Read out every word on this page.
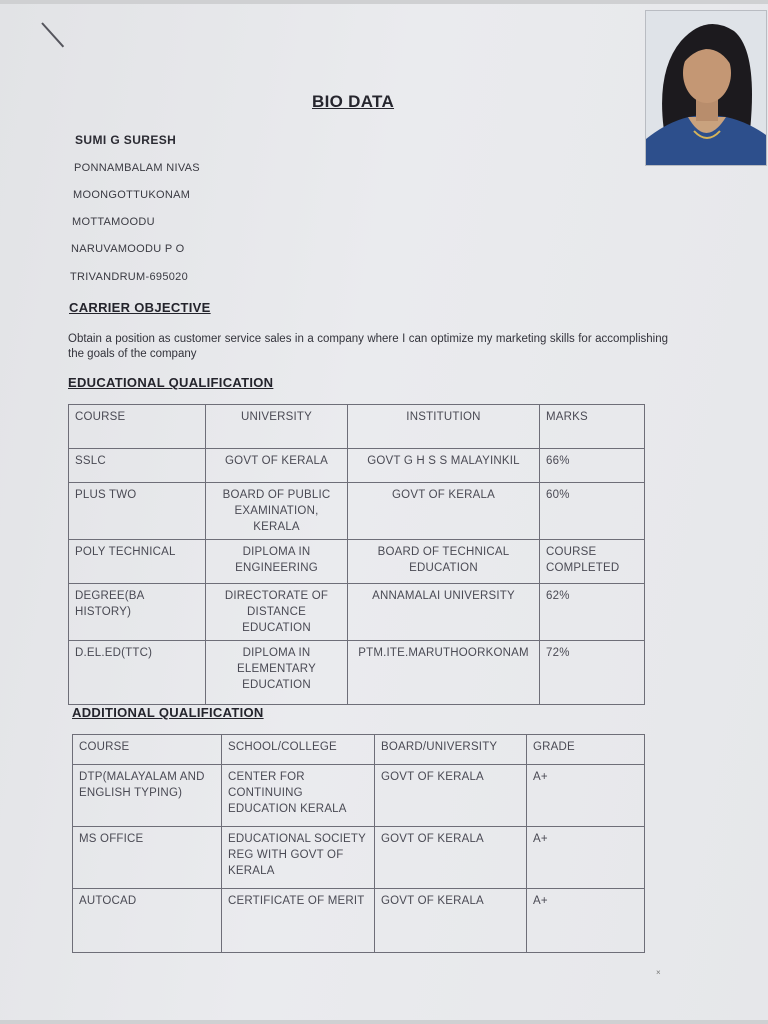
BIO DATA
SUMI G SURESH
PONNAMBALAM NIVAS
MOONGOTTUKONAM
MOTTAMOODU
NARUVAMOODU P O
TRIVANDRUM-695020
CARRIER OBJECTIVE
Obtain a position as customer service sales in a company where I can optimize my marketing skills for accomplishing the goals of the company
EDUCATIONAL QUALIFICATION
COURSE	UNIVERSITY	INSTITUTION	MARKS
SSLC	GOVT OF KERALA	GOVT G H S S MALAYINKIL	66%
PLUS TWO	BOARD OF PUBLIC EXAMINATION, KERALA	GOVT OF KERALA	60%
POLY TECHNICAL	DIPLOMA IN ENGINEERING	BOARD OF TECHNICAL EDUCATION	COURSE COMPLETED
DEGREE(BA HISTORY)	DIRECTORATE OF DISTANCE EDUCATION	ANNAMALAI UNIVERSITY	62%
D.EL.ED(TTC)	DIPLOMA IN ELEMENTARY EDUCATION	PTM.ITE.MARUTHOORKONAM	72%
ADDITIONAL QUALIFICATION
COURSE	SCHOOL/COLLEGE	BOARD/UNIVERSITY	GRADE
DTP(MALAYALAM AND ENGLISH TYPING)	CENTER FOR CONTINUING EDUCATION KERALA	GOVT OF KERALA	A+
MS OFFICE	EDUCATIONAL SOCIETY REG WITH GOVT OF KERALA	GOVT OF KERALA	A+
AUTOCAD	CERTIFICATE OF MERIT	GOVT OF KERALA	A+
×
